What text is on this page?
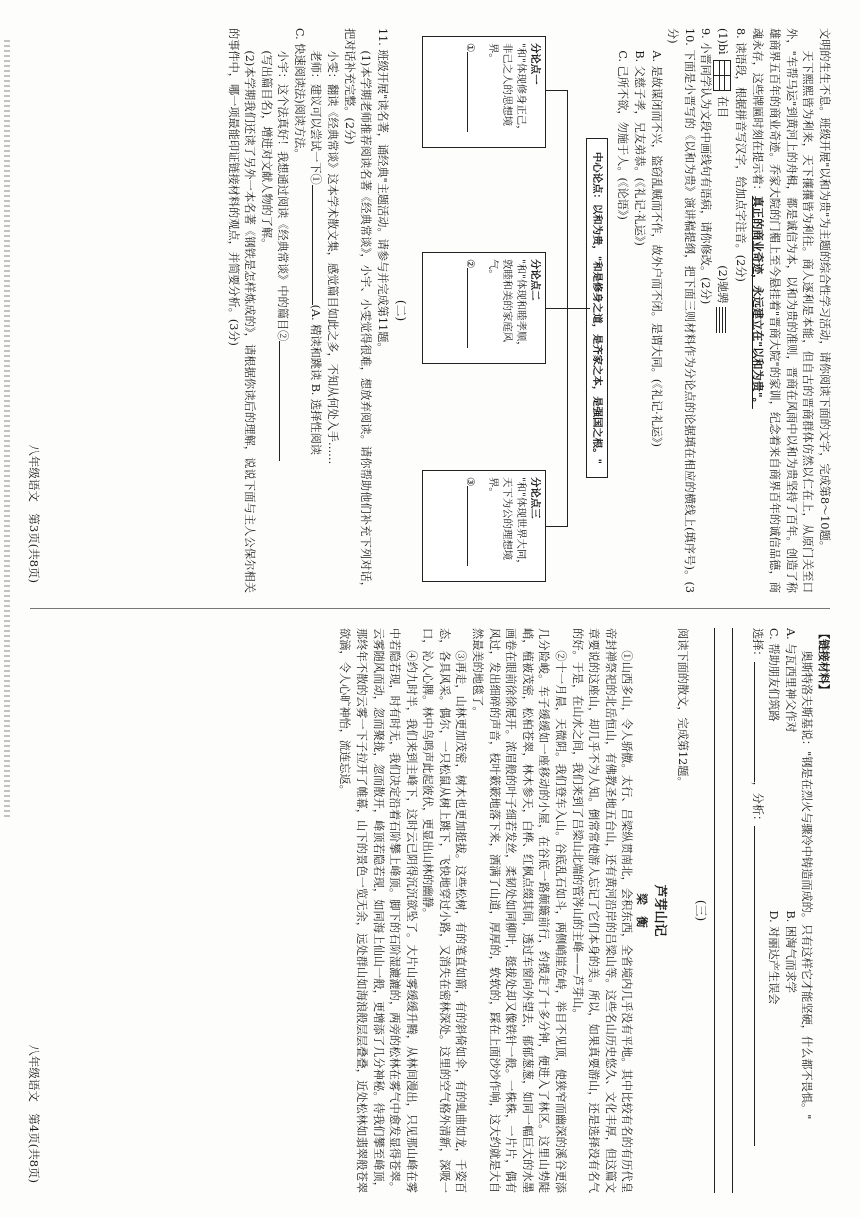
文明的生生不息。班级开展"以和为贵"为主题的综合性学习活动，请你阅读下面的文字，完成第8～10题。

天下熙熙皆为利来，天下攘攘皆为利往。商人逐利是本能，但自古的晋商群体仿然以仁在上，从原门关至口外，"车帮马运"到黄河上的舟楫，都是诚信为本，以和为贵的准则，晋商在风雨中以和为贵坚持了百年。创造了称雄商界五百年的商业奇迹。乔家大院的门楣上至今悬挂着"晋商大院"的家训，纪念着来自商界百年的诚信品德，商魂永存，这些牌匾时刻在提示着：真正的商业奇迹，永远建立在"以和为贵"。

8. 读语段，根据拼音写汉字，给加点字注音。(2分)

(1)bì
在目  (2)驰骋

9. 小晋同学认为文段中画线句有语病，请你修改。(2分)

10. 下面是小晋写的《以和为贵》演讲稿提纲，把下面三则材料作为分论点的论据填在相应的横线上(填序号)。(3分)

A. 是故谋闭而不兴，盗窃乱贼而不作，故外户而不闭。是谓大同。(《礼记·礼运》)

B. 父慈子孝，兄友弟恭。(《礼记·礼运》)

C. 己所不欲，勿施于人。(《论语》)

中心论点：以和为贵，"和是修身之道，是齐家之本，是强国之根。"
分论点一
"和"体现修身正己，非己之人的思想境界。
①
分论点二
"和"体现和睦孝顺，敦睦和美的家庭风气。
②
分论点三
"和"体现世界大同，天下为公的理想境界。
③
(二)

11. 班级开展"读名著，诵经典"主题活动。请参与并完成第11题。

(1)本学期老师推荐阅读名著《经典常谈》，小宇、小雯觉得很难，想放弃阅读。请你帮助他们补充下列对话，把对话补充完整。(2分)

小雯：翻读《经典常谈》这本学术散文集，感觉篇目如此之多，不知从何处入手……

老师：建议可以尝试一下①(A. 精读和跳读 B. 选择性阅读

C. 快速阅读法)阅读方法。

小宇：这个法真好！我想通过阅读《经典常谈》中的篇目②

(写出篇目名)，增进对文献人物的了解。

(2)本学期我们还读了另外一本名著《钢铁是怎样炼成的》，请根据你读后的理解，说说下面与主人公保尔相关的事件中，哪一项最能印证链接材料的观点，并简要分析。(3分)

八年级语文　第3页(共8页)

【链接材料】

奥斯特洛夫斯基说："钢是在烈火与骤冷中铸造而成的。只有这样它才能坚硬，什么都不畏惧。"

A. 与瓦西里神父作对
B. 困淘气而求学
C. 帮助朋友们筑路
D. 对丽达产生误会

选择：，分析：

(三)

阅读下面的散文，完成第12题。

芦芽山记
梁　衡

①山西多山，令人骄傲。太行、吕梁纵贯南北，会积东西，全省境内几乎没有平地。其中比较有名的有历代皇帝封禅祭祀的北岳恒山，有佛教圣地五台山，还有黄河沿岸的吕梁山等。这些名山历史悠久、文化丰厚，但这篇文章要说的这座山，却几乎不为人知。倒常常使游人忘记了它们本身的美。所以，如果真要游山，还是选择没有名气的好。于是，在山水之间，我们来到了吕梁山北端的管涔山的主峰——芦芽山。

②十一月晨，天微阴。我们登车入山。谷底乱石如斗，两侧峭崖危峙，举目不见顶，使狭窄而幽深的溪谷更添几分险峻。车子缓缓如一座移动的小屋，在谷底一路颠簸前行，约摸走了十多分钟，便进入了林区。这里山势陡峭，植被茂密，松柏苍翠，林木参天，白桦、红枫点缀其间，透过车窗向外望去，郁郁葱葱，如同一幅巨大的水墨画卷在眼前徐徐展开。浓眉般的叶子细若发丝，柔韧处如同柳叶，挺拔处却又像铁针一般。一株株，一片片，偶有风过，发出细碎的声音，枝叶簌簌地落下来，洒满了山道，厚厚的，软软的，踩在上面沙沙作响，这大约就是大自然最美的地毯了。

③再走，山林更加茂密，树木也更加挺拔。这些松树，有的笔直如箭，有的斜倚如伞，有的虬曲如龙，千姿百态，各具风采。偶尔，一只松鼠从树上跳下，飞快地穿过小路，又消失在密林深处。这里的空气格外清新，深吸一口，沁人心脾。林中鸟鸣声此起彼伏，更显出山林的幽静。

④约九时半，我们来到主峰下，这时云已阴得沉沉欲坠了。大片山雾缓缓升腾，从林间漫出，只见那山峰在雾中若隐若现，时有时无，我们决定沿着石阶攀上峰顶。脚下的石阶湿漉漉的，两旁的松林在雾气中愈发显得苍翠。云雾随风而动，忽而聚拢，忽而散开，峰顶若隐若现，如同海上仙山一般，更增添了几分神秘。待我们攀至峰顶，那终年不散的云雾一下子拉开了帷幕，山下的景色一览无余，远处群山如海浪般层层叠叠，近处松林如翡翠般苍翠欲滴，令人心旷神怡，流连忘返。

八年级语文　第4页(共8页)
